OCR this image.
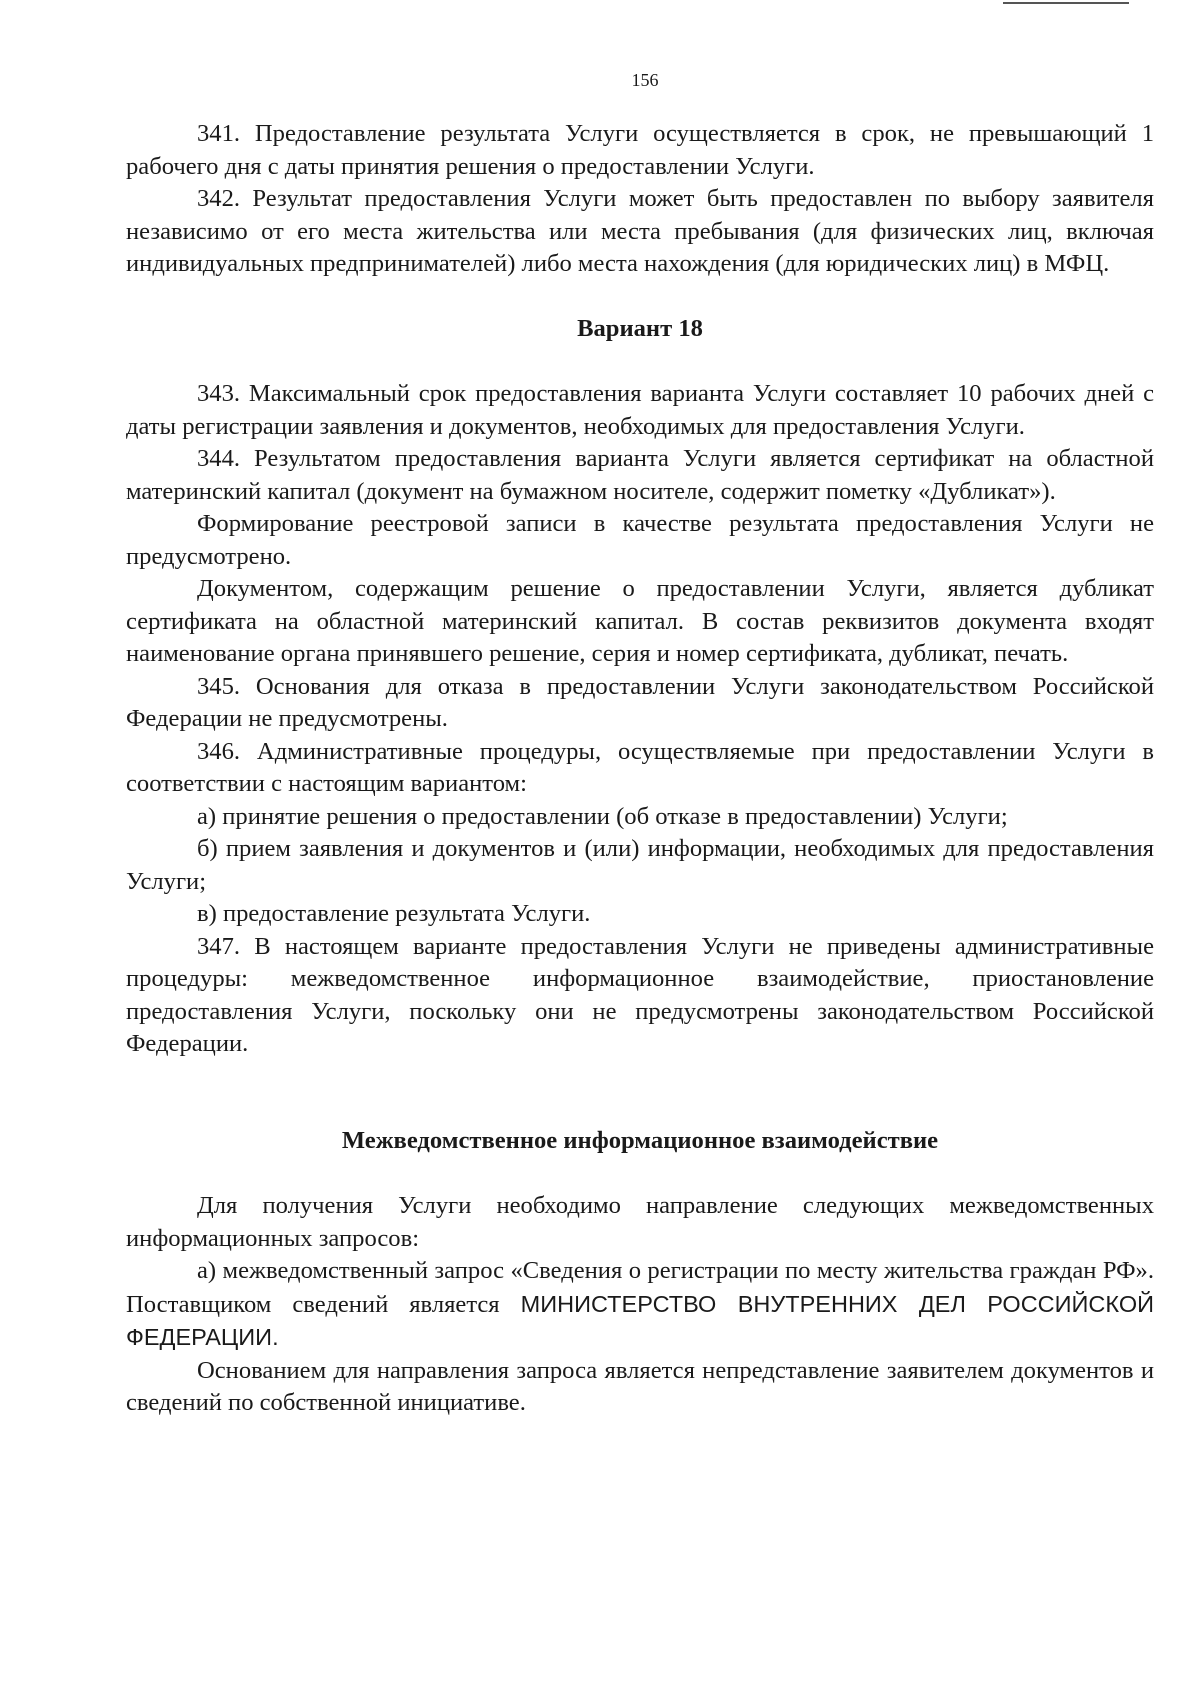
156

341. Предоставление результата Услуги осуществляется в срок, не превышающий 1 рабочего дня с даты принятия решения о предоставлении Услуги.

342. Результат предоставления Услуги может быть предоставлен по выбору заявителя независимо от его места жительства или места пребывания (для физических лиц, включая индивидуальных предпринимателей) либо места нахождения (для юридических лиц) в МФЦ.

Вариант 18

343. Максимальный срок предоставления варианта Услуги составляет 10 рабочих дней с даты регистрации заявления и документов, необходимых для предоставления Услуги.

344. Результатом предоставления варианта Услуги является сертификат на областной материнский капитал (документ на бумажном носителе, содержит пометку «Дубликат»).

Формирование реестровой записи в качестве результата предоставления Услуги не предусмотрено.

Документом, содержащим решение о предоставлении Услуги, является дубликат сертификата на областной материнский капитал. В состав реквизитов документа входят наименование органа принявшего решение, серия и номер сертификата, дубликат, печать.

345. Основания для отказа в предоставлении Услуги законодательством Российской Федерации не предусмотрены.

346. Административные процедуры, осуществляемые при предоставлении Услуги в соответствии с настоящим вариантом:

а) принятие решения о предоставлении (об отказе в предоставлении) Услуги;

б) прием заявления и документов и (или) информации, необходимых для предоставления Услуги;

в) предоставление результата Услуги.

347. В настоящем варианте предоставления Услуги не приведены административные процедуры: межведомственное информационное взаимодействие, приостановление предоставления Услуги, поскольку они не предусмотрены законодательством Российской Федерации.

Межведомственное информационное взаимодействие

Для получения Услуги необходимо направление следующих межведомственных информационных запросов:

а) межведомственный запрос «Сведения о регистрации по месту жительства граждан РФ». Поставщиком сведений является МИНИСТЕРСТВО ВНУТРЕННИХ ДЕЛ РОССИЙСКОЙ ФЕДЕРАЦИИ.

Основанием для направления запроса является непредставление заявителем документов и сведений по собственной инициативе.
